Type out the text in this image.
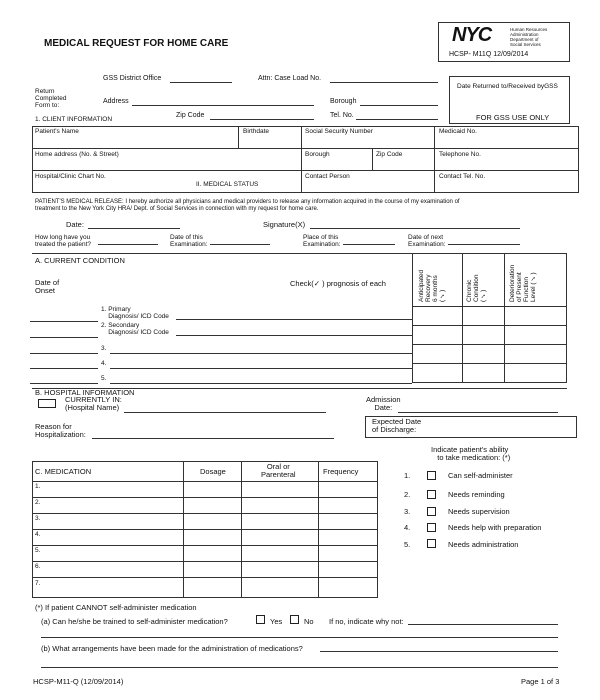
MEDICAL REQUEST FOR HOME CARE	NYC	Human Resources
Administration
Department of
Social Services
HCSP- M11Q 12/09/2014
GSS District Office	Attn: Case Load No.
Return
Completed
Form to:
Address	Borough
Zip Code	Tel. No.
1. CLIENT INFORMATION
Date Returned to/Received byGSS
FOR GSS USE ONLY
Patient's Name	Birthdate	Social Security Number	Medicaid No.
Home address (No. & Street)	Borough	Zip Code	Telephone No.
Hospital/Clinic Chart No.
II. MEDICAL STATUS
Contact Person	Contact Tel. No.
PATIENT'S MEDICAL RELEASE: I hereby authorize all physicians and medical providers to release any information acquired in the course of my examination of
treatment to the New York City HRA/ Dept. of Social Services in connection with my request for home care.
Date:	Signature(X)
How long have you
treated the patient?
Date of this
Examination:
Place of this
Examination:
Date of next
Examination:
A. CURRENT CONDITION
Date of
Onset
Check(✓ ) prognosis of each	Anticipated
Recovery
6 months
(✓)	Chronic
Condition
(✓)	Deterioration
of Present
Function
Level (✓)
1. Primary
Diagnosis/ ICD Code
2. Secondary
Diagnosis/ ICD Code
3.
4.
5.
B. HOSPITAL INFORMATION
CURRENTLY IN:
(Hospital Name)
Admission
Date:
Reason for
Hospitalization:
Expected Date
of Discharge:
C. MEDICATION	Dosage
Oral or
Parenteral	Frequency
1.
2.
3.
4.
5.
6.
7.
Indicate patient's ability
to take medication: (*)
1.	Can self-administer
2.	Needs reminding
3.	Needs supervision
4.	Needs help with preparation
5.	Needs administration
(*) If patient CANNOT self-administer medication
(a) Can he/she be trained to self-administer medication?	Yes	No If no, indicate why not:
(b) What arrangements have been made for the administration of medications?
HCSP-M11-Q (12/09/2014)	Page 1 of 3
